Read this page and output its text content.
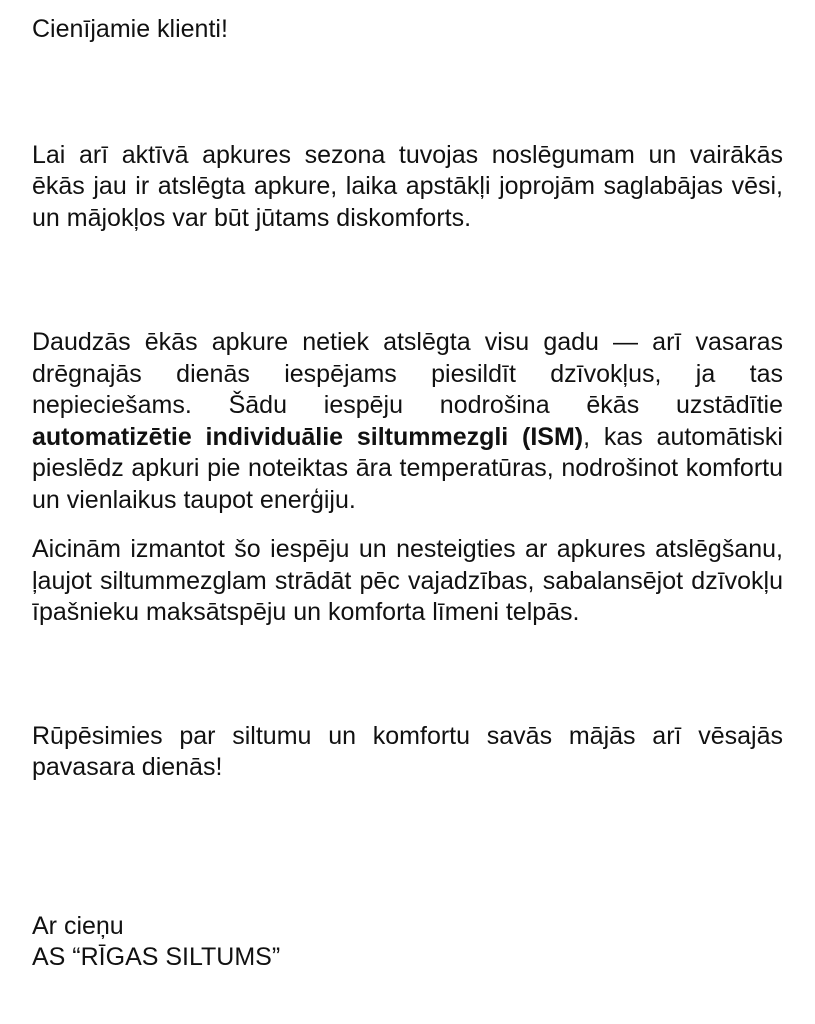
Cienījamie klienti!

Lai arī aktīvā apkures sezona tuvojas noslēgumam un vairākās ēkās jau ir atslēgta apkure, laika apstākļi joprojām saglabājas vēsi, un mājokļos var būt jūtams diskomforts.

Daudzās ēkās apkure netiek atslēgta visu gadu — arī vasaras drēgnajās dienās iespējams piesildīt dzīvokļus, ja tas nepieciešams. Šādu iespēju nodrošina ēkās uzstādītie automatizētie individuālie siltummezgli (ISM), kas automātiski pieslēdz apkuri pie noteiktas āra temperatūras, nodrošinot komfortu un vienlaikus taupot enerģiju.

Aicinām izmantot šo iespēju un nesteigties ar apkures atslēgšanu, ļaujot siltummezglam strādāt pēc vajadzības, sabalansējot dzīvokļu īpašnieku maksātspēju un komforta līmeni telpās.

Rūpēsimies par siltumu un komfortu savās mājās arī vēsajās pavasara dienās!

Ar cieņu

AS “RĪGAS SILTUMS”
